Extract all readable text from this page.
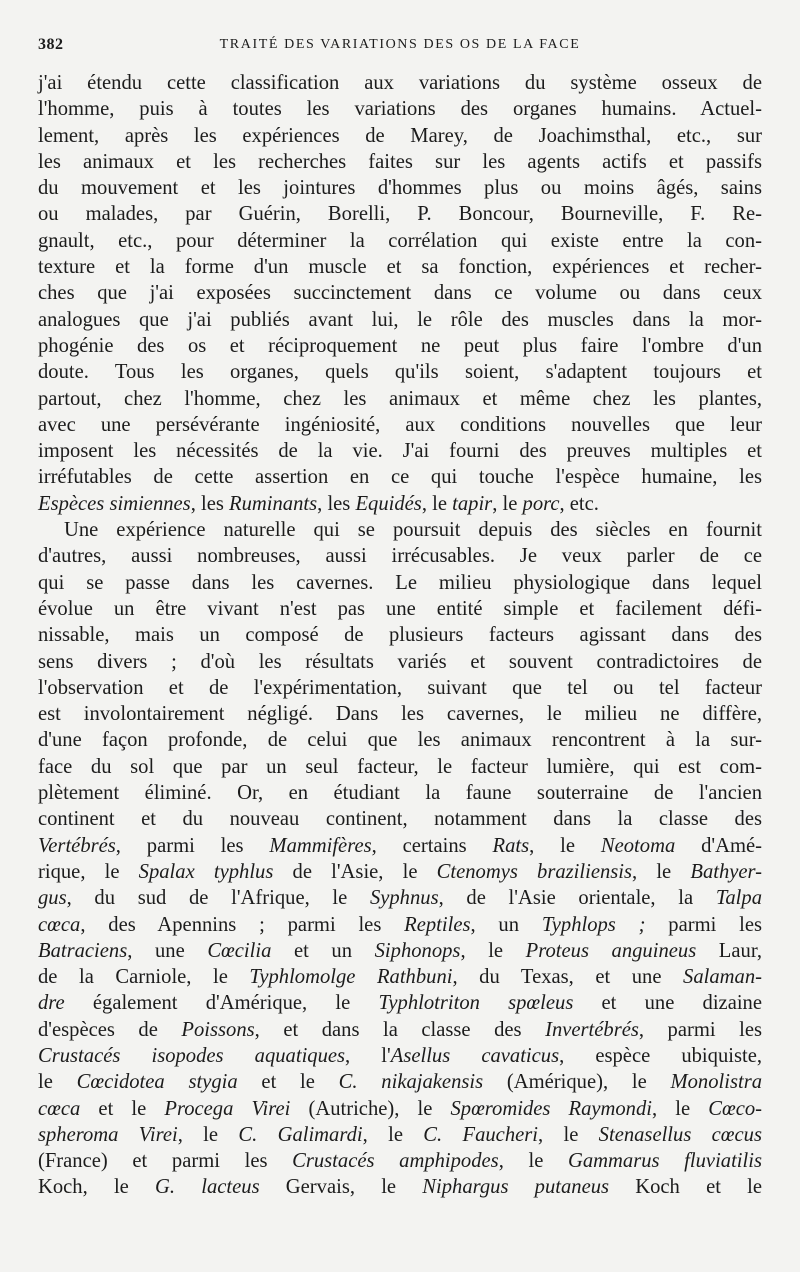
382	TRAITÉ DES VARIATIONS DES OS DE LA FACE
j'ai étendu cette classification aux variations du système osseux de
l'homme, puis à toutes les variations des organes humains. Actuel-
lement, après les expériences de Marey, de Joachimsthal, etc., sur
les animaux et les recherches faites sur les agents actifs et passifs
du mouvement et les jointures d'hommes plus ou moins âgés, sains
ou malades, par Guérin, Borelli, P. Boncour, Bourneville, F. Re-
gnault, etc., pour déterminer la corrélation qui existe entre la con-
texture et la forme d'un muscle et sa fonction, expériences et recher-
ches que j'ai exposées succinctement dans ce volume ou dans ceux
analogues que j'ai publiés avant lui, le rôle des muscles dans la mor-
phogénie des os et réciproquement ne peut plus faire l'ombre d'un
doute. Tous les organes, quels qu'ils soient, s'adaptent toujours et
partout, chez l'homme, chez les animaux et même chez les plantes,
avec une persévérante ingéniosité, aux conditions nouvelles que leur
imposent les nécessités de la vie. J'ai fourni des preuves multiples et
irréfutables de cette assertion en ce qui touche l'espèce humaine, les
Espèces simiennes, les Ruminants, les Equidés, le tapir, le porc, etc.
Une expérience naturelle qui se poursuit depuis des siècles en fournit
d'autres, aussi nombreuses, aussi irrécusables. Je veux parler de ce
qui se passe dans les cavernes. Le milieu physiologique dans lequel
évolue un être vivant n'est pas une entité simple et facilement défi-
nissable, mais un composé de plusieurs facteurs agissant dans des
sens divers ; d'où les résultats variés et souvent contradictoires de
l'observation et de l'expérimentation, suivant que tel ou tel facteur
est involontairement négligé. Dans les cavernes, le milieu ne diffère,
d'une façon profonde, de celui que les animaux rencontrent à la sur-
face du sol que par un seul facteur, le facteur lumière, qui est com-
plètement éliminé. Or, en étudiant la faune souterraine de l'ancien
continent et du nouveau continent, notamment dans la classe des
Vertébrés, parmi les Mammifères, certains Rats, le Neotoma d'Amé-
rique, le Spalax typhlus de l'Asie, le Ctenomys braziliensis, le Bathyer-
gus, du sud de l'Afrique, le Syphnus, de l'Asie orientale, la Talpa
cœca, des Apennins ; parmi les Reptiles, un Typhlops ; parmi les
Batraciens, une Cœcilia et un Siphonops, le Proteus anguineus Laur,
de la Carniole, le Typhlomolge Rathbuni, du Texas, et une Salaman-
dre également d'Amérique, le Typhlotriton spœleus et une dizaine
d'espèces de Poissons, et dans la classe des Invertébrés, parmi les
Crustacés isopodes aquatiques, l'Asellus cavaticus, espèce ubiquiste,
le Cœcidotea stygia et le C. nikajakensis (Amérique), le Monolistra
cœca et le Procega Virei (Autriche), le Spœromides Raymondi, le Cœco-
spheroma Virei, le C. Galimardi, le C. Faucheri, le Stenasellus cœcus
(France) et parmi les Crustacés amphipodes, le Gammarus fluviatilis
Koch, le G. lacteus Gervais, le Niphargus putaneus Koch et le
